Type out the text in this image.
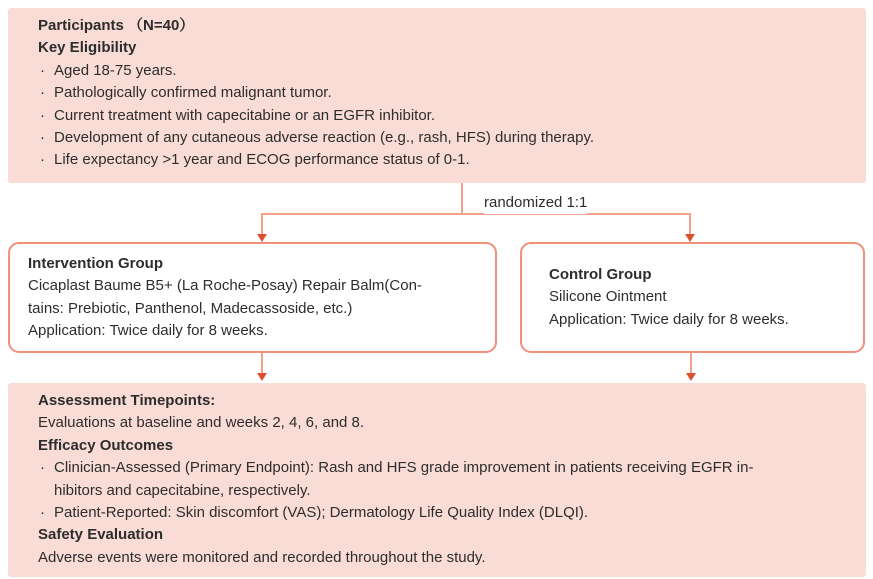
Participants （N=40）
Key Eligibility
· Aged 18-75 years.
· Pathologically confirmed malignant tumor.
· Current treatment with capecitabine or an EGFR inhibitor.
· Development of any cutaneous adverse reaction (e.g., rash, HFS) during therapy.
· Life expectancy >1 year and ECOG performance status of 0-1.
randomized 1:1
Intervention Group
Cicaplast Baume B5+ (La Roche-Posay) Repair Balm(Con-
tains: Prebiotic, Panthenol, Madecassoside, etc.)
Application: Twice daily for 8 weeks.
Control Group
Silicone Ointment
Application: Twice daily for 8 weeks.
Assessment Timepoints:
Evaluations at baseline and weeks 2, 4, 6, and 8.
Efficacy Outcomes
· Clinician-Assessed (Primary Endpoint): Rash and HFS grade improvement in patients receiving EGFR in-
hibitors and capecitabine, respectively.
· Patient-Reported: Skin discomfort (VAS); Dermatology Life Quality Index (DLQI).
Safety Evaluation
Adverse events were monitored and recorded throughout the study.
